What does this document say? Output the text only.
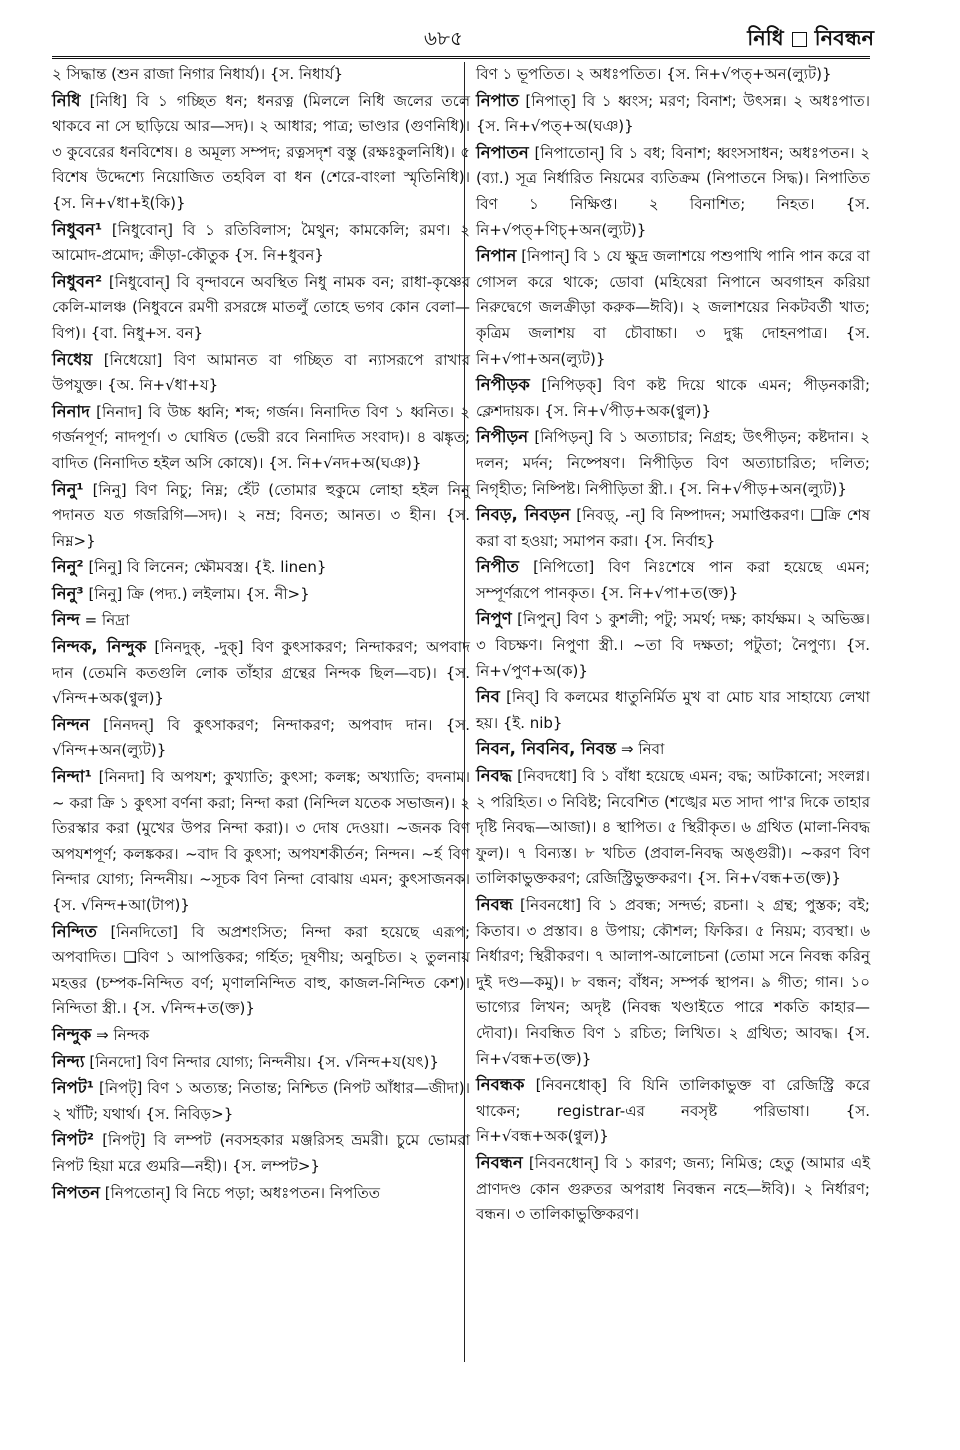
৬৮৫	নিধি নিবন্ধন

২ সিদ্ধান্ত (শুন রাজা নিগার নিধার্য)। {স. নিধার্য}

নিধি [নিধি] বি ১ গচ্ছিত ধন; ধনরত্ন (মিললে নিধি জলের তলে থাকবে না সে ছাড়িয়ে আর—সদ)। ২ আধার; পাত্র; ভাণ্ডার (গুণনিধি)। ৩ কুবেরের ধনবিশেষ। ৪ অমূল্য সম্পদ; রত্নসদৃশ বস্তু (রক্ষঃকুলনিধি)। ৫ বিশেষ উদ্দেশ্যে নিয়োজিত তহবিল বা ধন (শেরে-বাংলা স্মৃতিনিধি)। {স. নি+√ধা+ই(কি)}

নিধুবন¹ [নিধুবোন্] বি ১ রতিবিলাস; মৈথুন; কামকেলি; রমণ। ২ আমোদ-প্রমোদ; ক্রীড়া-কৌতুক {স. নি+ধুবন}

নিধুবন² [নিধুবোন্] বি বৃন্দাবনে অবস্থিত নিধু নামক বন; রাধা-কৃষ্ণের কেলি-মালঞ্চ (নিধুবনে রমণী রসরঙ্গে মাতলুঁ তোহে ভগব কোন বেলা—বিপ)। {বা. নিধু+স. বন}

নিধেয় [নিধেয়ো] বিণ আমানত বা গচ্ছিত বা ন্যাসরূপে রাখার উপযুক্ত। {অ. নি+√ধা+য}

নিনাদ [নিনাদ] বি উচ্চ ধ্বনি; শব্দ; গর্জন। নিনাদিত বিণ ১ ধ্বনিত। ২ গর্জনপূর্ণ; নাদপূর্ণ। ৩ ঘোষিত (ভেরী রবে নিনাদিত সংবাদ)। ৪ ঝঙ্কৃত; বাদিত (নিনাদিত হইল অসি কোষে)। {স. নি+√নদ+অ(ঘঞ)}

নিনু¹ [নিনু] বিণ নিচু; নিম্ন; হেঁট (তোমার হুকুমে লোহা হইল নিনু পদানত যত গজরিগি—সদ)। ২ নম্র; বিনত; আনত। ৩ হীন। {স. নিম্ন>}

নিনু² [নিনু] বি লিনেন; ক্ষৌমবস্ত্র। {ই. linen}

নিনু³ [নিনু] ক্রি (পদ্য.) লইলাম। {স. নী>}

নিন্দ = নিদ্রা

নিন্দক, নিন্দুক [নিনদুক্, -দুক্] বিণ কুৎসাকরণ; নিন্দাকরণ; অপবাদ দান (তেমনি কতগুলি লোক তাঁহার গ্রন্থের নিন্দক ছিল—বচ)। {স. √নিন্দ+অক(ণ্বুল)}

নিন্দন [নিনদন্] বি কুৎসাকরণ; নিন্দাকরণ; অপবাদ দান। {স. √নিন্দ+অন(ল্যুট)}

নিন্দা¹ [নিনদা] বি অপযশ; কুখ্যাতি; কুৎসা; কলঙ্ক; অখ্যাতি; বদনাম। ~ করা ক্রি ১ কুৎসা বর্ণনা করা; নিন্দা করা (নিন্দিল যতেক সভাজন)। ২ তিরস্কার করা (মুখের উপর নিন্দা করা)। ৩ দোষ দেওয়া। ~জনক বিণ অপযশপূর্ণ; কলঙ্ককর। ~বাদ বি কুৎসা; অপযশকীর্তন; নিন্দন। ~র্হ বিণ নিন্দার যোগ্য; নিন্দনীয়। ~সূচক বিণ নিন্দা বোঝায় এমন; কুৎসাজনক। {স. √নিন্দ+আ(টাপ)}

নিন্দিত [নিনদিতো] বি অপ্রশংসিত; নিন্দা করা হয়েছে এরূপ; অপবাদিত। ❑বিণ ১ আপত্তিকর; গর্হিত; দূষণীয়; অনুচিত। ২ তুলনায় মহত্তর (চম্পক-নিন্দিত বর্ণ; মৃণালনিন্দিত বাহু, কাজল-নিন্দিত কেশ)। নিন্দিতা স্ত্রী.। {স. √নিন্দ+ত(ক্ত)}

নিন্দুক ⇒ নিন্দক

নিন্দ্য [নিনদো] বিণ নিন্দার যোগ্য; নিন্দনীয়। {স. √নিন্দ+য(যৎ)}

নিপট¹ [নিপট্] বিণ ১ অত্যন্ত; নিতান্ত; নিশ্চিত (নিপট আঁধার—জীদা)। ২ খাঁটি; যথার্থ। {স. নিবিড়>}

নিপট² [নিপট্] বি লম্পট (নবসহকার মঞ্জরিসহ ভ্রমরী। চুমে ভোমরা নিপট হিয়া মরে গুমরি—নহী)। {স. লম্পট>}

নিপতন [নিপতোন্] বি নিচে পড়া; অধঃপতন। নিপতিত

বিণ ১ ভূপতিত। ২ অধঃপতিত। {স. নি+√পত্+অন(ল্যুট)}

নিপাত [নিপাত্] বি ১ ধ্বংস; মরণ; বিনাশ; উৎসন্ন। ২ অধঃপাত। {স. নি+√পত্+অ(ঘঞ)}

নিপাতন [নিপাতোন্] বি ১ বধ; বিনাশ; ধ্বংসসাধন; অধঃপতন। ২ (ব্যা.) সূত্র নির্ধারিত নিয়মের ব্যতিক্রম (নিপাতনে সিদ্ধ)। নিপাতিত বিণ ১ নিক্ষিপ্ত। ২ বিনাশিত; নিহত। {স. নি+√পত্+ণিচ্+অন(ল্যুট)}

নিপান [নিপান্] বি ১ যে ক্ষুদ্র জলাশয়ে পশুপাখি পানি পান করে বা গোসল করে থাকে; ডোবা (মহিষেরা নিপানে অবগাহন করিয়া নিরুদ্বেগে জলক্রীড়া করুক—ঈবি)। ২ জলাশয়ের নিকটবর্তী খাত; কৃত্রিম জলাশয় বা চৌবাচ্চা। ৩ দুগ্ধ দোহনপাত্র। {স. নি+√পা+অন(ল্যুট)}

নিপীড়ক [নিপিড়ক্] বিণ কষ্ট দিয়ে থাকে এমন; পীড়নকারী; ক্লেশদায়ক। {স. নি+√পীড়+অক(ণ্বুল)}

নিপীড়ন [নিপিড়ন্] বি ১ অত্যাচার; নিগ্রহ; উৎপীড়ন; কষ্টদান। ২ দলন; মর্দন; নিষ্পেষণ। নিপীড়িত বিণ অত্যাচারিত; দলিত; নিগৃহীত; নিষ্পিষ্ট। নিপীড়িতা স্ত্রী.। {স. নি+√পীড়+অন(ল্যুট)}

নিবড়, নিবড়ন [নিবড়্, -ন্] বি নিষ্পাদন; সমাপ্তিকরণ। ❑ক্রি শেষ করা বা হওয়া; সমাপন করা। {স. নির্বাহ}

নিপীত [নিপিতো] বিণ নিঃশেষে পান করা হয়েছে এমন; সম্পূর্ণরূপে পানকৃত। {স. নি+√পা+ত(ক্ত)}

নিপুণ [নিপুন্] বিণ ১ কুশলী; পটু; সমর্থ; দক্ষ; কার্যক্ষম। ২ অভিজ্ঞ। ৩ বিচক্ষণ। নিপুণা স্ত্রী.। ~তা বি দক্ষতা; পটুতা; নৈপুণ্য। {স. নি+√পুণ+অ(ক)}

নিব [নিব্] বি কলমের ধাতুনির্মিত মুখ বা মোচ যার সাহায্যে লেখা হয়। {ই. nib}

নিবন, নিবনিব, নিবন্ত ⇒ নিবা

নিবদ্ধ [নিবদধো] বি ১ বাঁধা হয়েছে এমন; বদ্ধ; আটকানো; সংলগ্ন। ২ পরিহিত। ৩ নিবিষ্ট; নিবেশিত (শঙ্খের মত সাদা পা'র দিকে তাহার দৃষ্টি নিবদ্ধ—আজা)। ৪ স্থাপিত। ৫ স্থিরীকৃত। ৬ গ্রথিত (মালা-নিবদ্ধ ফুল)। ৭ বিন্যস্ত। ৮ খচিত (প্রবাল-নিবদ্ধ অঙ্গুরী)। ~করণ বিণ তালিকাভুক্তকরণ; রেজিস্ট্রিভুক্তকরণ। {স. নি+√বন্ধ+ত(ক্ত)}

নিবন্ধ [নিবনধো] বি ১ প্রবন্ধ; সন্দর্ভ; রচনা। ২ গ্রন্থ; পুস্তক; বই; কিতাব। ৩ প্রস্তাব। ৪ উপায়; কৌশল; ফিকির। ৫ নিয়ম; ব্যবস্থা। ৬ নির্ধারণ; স্থিরীকরণ। ৭ আলাপ-আলোচনা (তোমা সনে নিবন্ধ করিনু দুই দণ্ড—কমু)। ৮ বন্ধন; বাঁধন; সম্পর্ক স্থাপন। ৯ গীত; গান। ১০ ভাগ্যের লিখন; অদৃষ্ট (নিবন্ধ খণ্ডাইতে পারে শকতি কাহার—দৌবা)। নিবন্ধিত বিণ ১ রচিত; লিখিত। ২ গ্রথিত; আবদ্ধ। {স. নি+√বন্ধ+ত(ক্ত)}

নিবন্ধক [নিবনধোক্] বি যিনি তালিকাভুক্ত বা রেজিস্ট্রি করে থাকেন; registrar-এর নবসৃষ্ট পরিভাষা। {স. নি+√বন্ধ+অক(ণ্বুল)}

নিবন্ধন [নিবনধোন্] বি ১ কারণ; জন্য; নিমিত্ত; হেতু (আমার এই প্রাণদণ্ড কোন গুরুতর অপরাধ নিবন্ধন নহে—ঈবি)। ২ নির্ধারণ; বন্ধন। ৩ তালিকাভুক্তিকরণ।
